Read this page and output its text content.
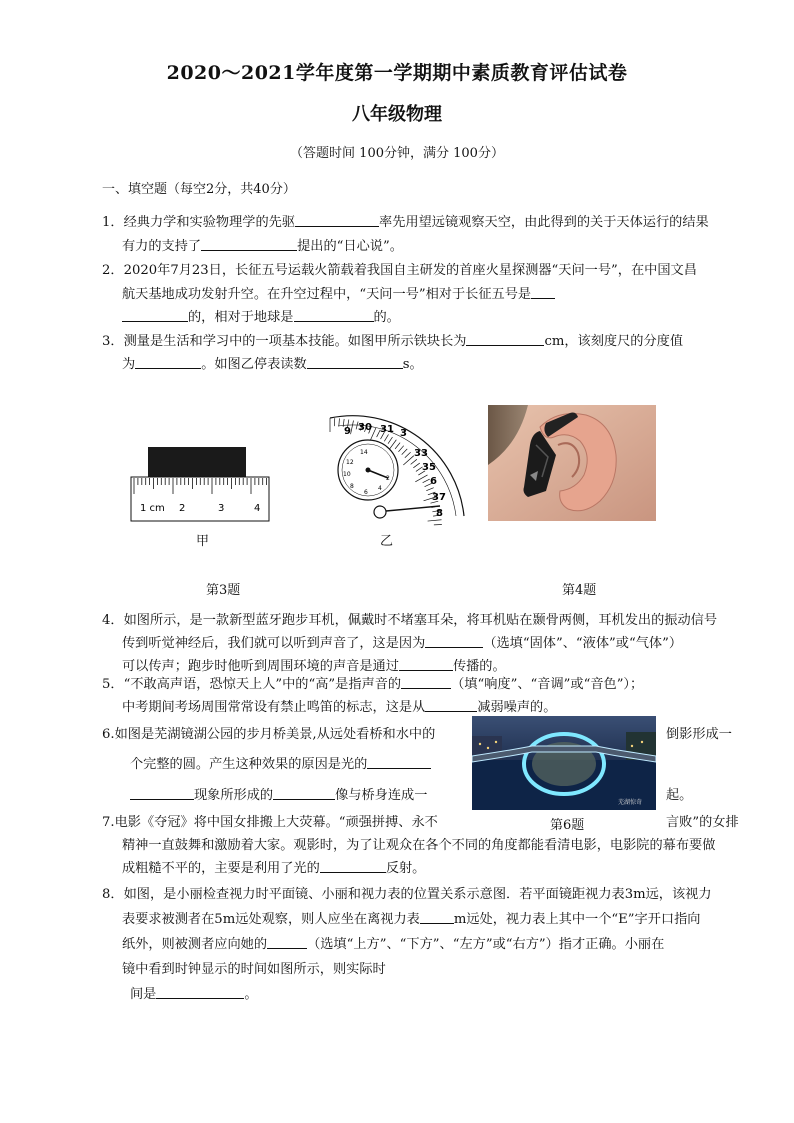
2020～2021学年度第一学期期中素质教育评估试卷
八年级物理
（答题时间 100分钟，满分 100分）
一、填空题（每空2分，共40分）
1．经典力学和实验物理学的先驱	率先用望远镜观察天空，由此得到的关于天体运行的结果
有力的支持了	提出的“日心说”。
2．2020年7月23日，长征五号运载火箭载着我国自主研发的首座火星探测器“天问一号”，在中国文昌
航天基地成功发射升空。在升空过程中，“天问一号”相对于长征五号是
的，相对于地球是	的。
3．测量是生活和学习中的一项基本技能。如图甲所示铁块长为	cm，该刻度尺的分度值
为	。如图乙停表读数	s。
1 cm 2	3	4
甲
9 30 31 3
33
35
6
37
8
14
12
10
8
6
4
2
乙
第3题	第4题
4．如图所示，是一款新型蓝牙跑步耳机，佩戴时不堵塞耳朵，将耳机贴在颞骨两侧，耳机发出的振动信号
传到听觉神经后，我们就可以听到声音了，这是因为	（选填“固体”、“液体”或“气体”）
可以传声；跑步时他听到周围环境的声音是通过	传播的。
5．“不敢高声语，恐惊天上人”中的“高”是指声音的	（填“响度”、“音调”或“音色”）；
中考期间考场周围常常设有禁止鸣笛的标志，这是从	减弱噪声的。
6.如图是芜湖镜湖公园的步月桥美景,从远处看桥和水中的	倒影形成一
个完整的圆。产生这种效果的原因是光的
现象所形成的	像与桥身连成一	起。
芜湖惊奇
7.电影《夺冠》将中国女排搬上大荧幕。“顽强拼搏、永不	第6题	言败”的女排
精神一直鼓舞和激励着大家。观影时，为了让观众在各个不同的角度都能看清电影，电影院的幕布要做
成粗糙不平的，主要是利用了光的	反射。
8．如图，是小丽检查视力时平面镜、小丽和视力表的位置关系示意图．若平面镜距视力表3m远，该视力
表要求被测者在5m远处观察，则人应坐在离视力表	m远处，视力表上其中一个“E”字开口指向
纸外，则被测者应向她的	（选填“上方”、“下方”、“左方”或“右方”）指才正确。小丽在
镜中看到时钟显示的时间如图所示，则实际时
间是	。
